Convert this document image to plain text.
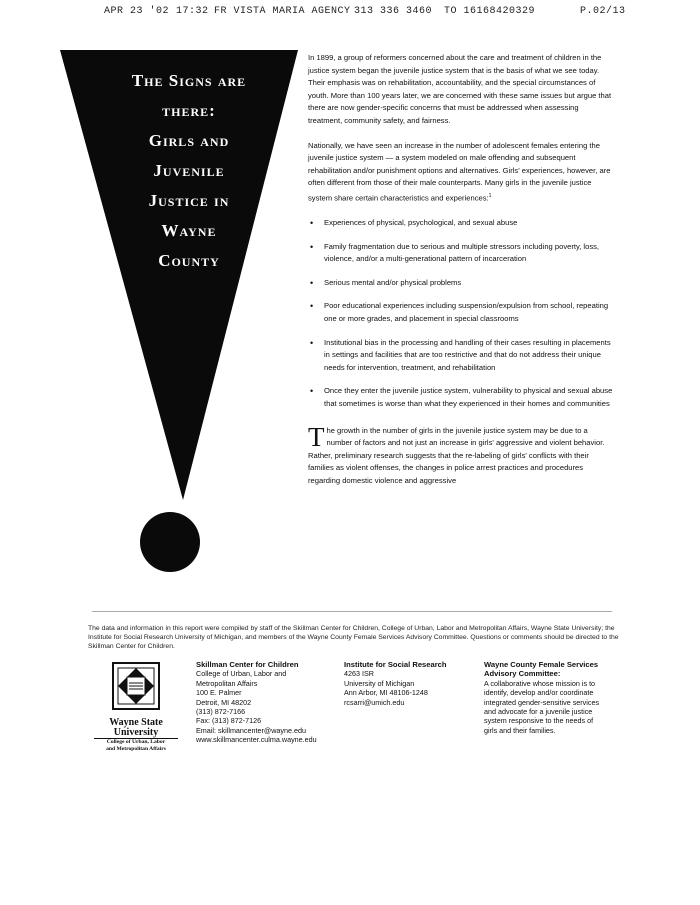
APR 23 '02

17:32

FR VISTA MARIA AGENCY

313 336 3460

TO 16168420329

	P.02/13

The Signs are
there:
Girls and
Juvenile
Justice in
Wayne
County

In 1899, a group of reformers concerned about the care and treatment of children in the justice system began the juvenile justice system that is the basis of what we see today. Their emphasis was on rehabilitation, accountability, and the special circumstances of youth. More than 100 years later, we are concerned with these same issues but argue that there are now gender-specific concerns that must be addressed when assessing treatment, community safety, and fairness.

Nationally, we have seen an increase in the number of adolescent females entering the juvenile justice system — a system modeled on male offending and subsequent rehabilitation and/or punishment options and alternatives. Girls' experiences, however, are often different from those of their male counterparts. Many girls in the juvenile justice system share certain characteristics and experiences:$^1$

• Experiences of physical, psychological, and sexual abuse
• Family fragmentation due to serious and multiple stressors including poverty, loss, violence, and/or a multi-generational pattern of incarceration
• Serious mental and/or physical problems
• Poor educational experiences including suspension/expulsion from school, repeating one or more grades, and placement in special classrooms
• Institutional bias in the processing and handling of their cases resulting in placements in settings and facilities that are too restrictive and that do not address their unique needs for intervention, treatment, and rehabilitation
• Once they enter the juvenile justice system, vulnerability to physical and sexual abuse that sometimes is worse than what they experienced in their homes and communities

The growth in the number of girls in the juvenile justice system may be due to a number of factors and not just an increase in girls' aggressive and violent behavior. Rather, preliminary research suggests that the re-labeling of girls' conflicts with their families as violent offenses, the changes in police arrest practices and procedures regarding domestic violence and aggressive

The data and information in this report were compiled by staff of the Skillman Center for Children, College of Urban, Labor and Metropolitan Affairs, Wayne State University; the Institute for Social Research University of Michigan, and members of the Wayne County Female Services Advisory Committee. Questions or comments should be directed to the Skillman Center for Children.
Wayne State
University
College of Urban, Labor
and Metropolitan Affairs
Skillman Center for Children
College of Urban, Labor and
Metropolitan Affairs
100 E. Palmer
Detroit, MI 48202
(313) 872-7166
Fax: (313) 872-7126
Email: skillmancenter@wayne.edu
www.skillmancenter.culma.wayne.edu
Institute for Social Research
4263 ISR
University of Michigan
Ann Arbor, MI 48106-1248
rcsarri@umich.edu
Wayne County Female Services Advisory Committee:
A collaborative whose mission is to identify, develop and/or coordinate integrated gender-sensitive services and advocate for a juvenile justice system responsive to the needs of girls and their families.
